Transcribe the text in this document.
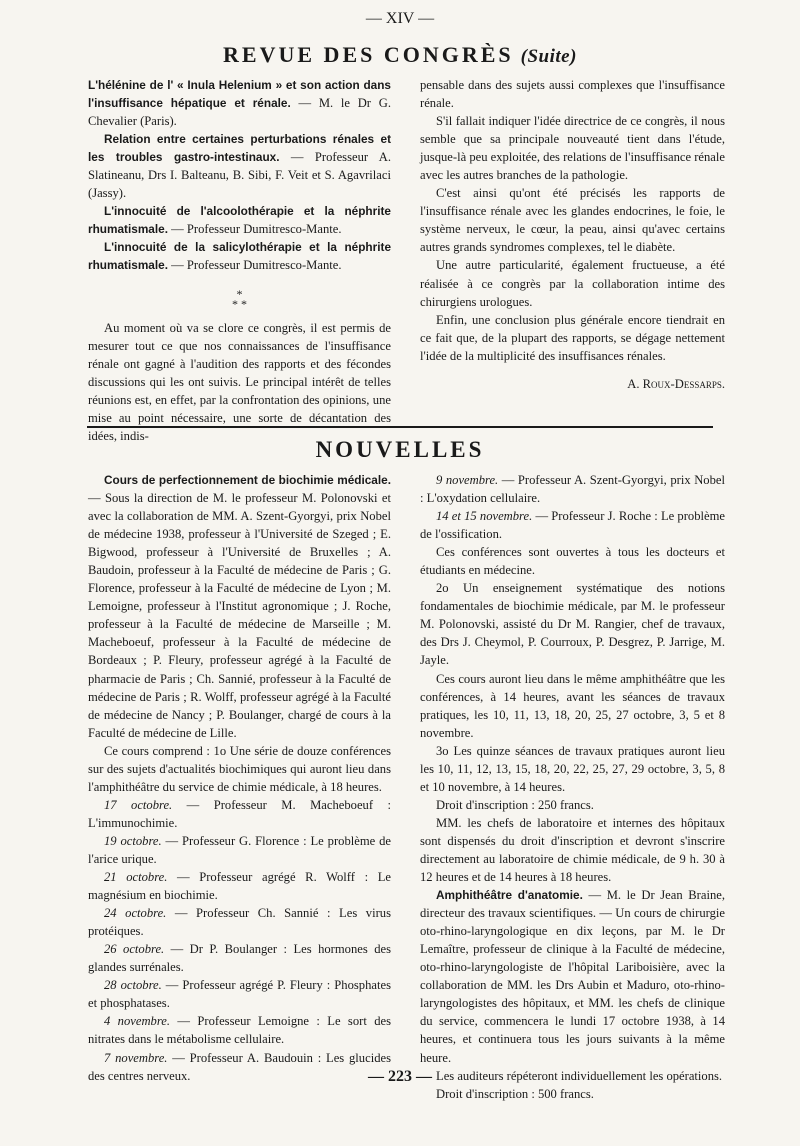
— XIV —
REVUE DES CONGRÈS (Suite)

L'hélénine de l' « Inula Helenium » et son action dans l'insuffisance hépatique et rénale. — M. le Dr G. Chevalier (Paris).

Relation entre certaines perturbations rénales et les troubles gastro-intestinaux. — Professeur A. Slatineanu, Drs I. Balteanu, B. Sibi, F. Veit et S. Agavrilaci (Jassy).

L'innocuité de l'alcoolothérapie et la néphrite rhumatismale. — Professeur Dumitresco-Mante.

L'innocuité de la salicylothérapie et la néphrite rhumatismale. — Professeur Dumitresco-Mante.

*
* *

Au moment où va se clore ce congrès, il est permis de mesurer tout ce que nos connaissances de l'insuffisance rénale ont gagné à l'audition des rapports et des fécondes discussions qui les ont suivis. Le principal intérêt de telles réunions est, en effet, par la confrontation des opinions, une mise au point nécessaire, une sorte de décantation des idées, indis-

pensable dans des sujets aussi complexes que l'insuffisance rénale.

S'il fallait indiquer l'idée directrice de ce congrès, il nous semble que sa principale nouveauté tient dans l'étude, jusque-là peu exploitée, des relations de l'insuffisance rénale avec les autres branches de la pathologie.

C'est ainsi qu'ont été précisés les rapports de l'insuffisance rénale avec les glandes endocrines, le foie, le système nerveux, le cœur, la peau, ainsi qu'avec certains autres grands syndromes complexes, tel le diabète.

Une autre particularité, également fructueuse, a été réalisée à ce congrès par la collaboration intime des chirurgiens urologues.

Enfin, une conclusion plus générale encore tiendrait en ce fait que, de la plupart des rapports, se dégage nettement l'idée de la multiplicité des insuffisances rénales.

A. Roux-Dessarps.
NOUVELLES

Cours de perfectionnement de biochimie médicale. — Sous la direction de M. le professeur M. Polonovski et avec la collaboration de MM. A. Szent-Gyorgyi, prix Nobel de médecine 1938, professeur à l'Université de Szeged ; E. Bigwood, professeur à l'Université de Bruxelles ; A. Baudoin, professeur à la Faculté de médecine de Paris ; G. Florence, professeur à la Faculté de médecine de Lyon ; M. Lemoigne, professeur à l'Institut agronomique ; J. Roche, professeur à la Faculté de médecine de Marseille ; M. Macheboeuf, professeur à la Faculté de médecine de Bordeaux ; P. Fleury, professeur agrégé à la Faculté de pharmacie de Paris ; Ch. Sannié, professeur à la Faculté de médecine de Paris ; R. Wolff, professeur agrégé à la Faculté de médecine de Nancy ; P. Boulanger, chargé de cours à la Faculté de médecine de Lille.

Ce cours comprend : 1o Une série de douze conférences sur des sujets d'actualités biochimiques qui auront lieu dans l'amphithéâtre du service de chimie médicale, à 18 heures.

17 octobre. — Professeur M. Macheboeuf : L'immunochimie.

19 octobre. — Professeur G. Florence : Le problème de l'arice urique.

21 octobre. — Professeur agrégé R. Wolff : Le magnésium en biochimie.

24 octobre. — Professeur Ch. Sannié : Les virus protéiques.

26 octobre. — Dr P. Boulanger : Les hormones des glandes surrénales.

28 octobre. — Professeur agrégé P. Fleury : Phosphates et phosphatases.

4 novembre. — Professeur Lemoigne : Le sort des nitrates dans le métabolisme cellulaire.

7 novembre. — Professeur A. Baudouin : Les glucides des centres nerveux.

9 novembre. — Professeur A. Szent-Gyorgyi, prix Nobel : L'oxydation cellulaire.

14 et 15 novembre. — Professeur J. Roche : Le problème de l'ossification.

Ces conférences sont ouvertes à tous les docteurs et étudiants en médecine.

2o Un enseignement systématique des notions fondamentales de biochimie médicale, par M. le professeur M. Polonovski, assisté du Dr M. Rangier, chef de travaux, des Drs J. Cheymol, P. Courroux, P. Desgrez, P. Jarrige, M. Jayle.

Ces cours auront lieu dans le même amphithéâtre que les conférences, à 14 heures, avant les séances de travaux pratiques, les 10, 11, 13, 18, 20, 25, 27 octobre, 3, 5 et 8 novembre.

3o Les quinze séances de travaux pratiques auront lieu les 10, 11, 12, 13, 15, 18, 20, 22, 25, 27, 29 octobre, 3, 5, 8 et 10 novembre, à 14 heures.

Droit d'inscription : 250 francs.

MM. les chefs de laboratoire et internes des hôpitaux sont dispensés du droit d'inscription et devront s'inscrire directement au laboratoire de chimie médicale, de 9 h. 30 à 12 heures et de 14 heures à 18 heures.

Amphithéâtre d'anatomie. — M. le Dr Jean Braine, directeur des travaux scientifiques. — Un cours de chirurgie oto-rhino-laryngologique en dix leçons, par M. le Dr Lemaître, professeur de clinique à la Faculté de médecine, oto-rhino-laryngologiste de l'hôpital Lariboisière, avec la collaboration de MM. les Drs Aubin et Maduro, oto-rhino-laryngologistes des hôpitaux, et MM. les chefs de clinique du service, commencera le lundi 17 octobre 1938, à 14 heures, et continuera tous les jours suivants à la même heure.

Les auditeurs répéteront individuellement les opérations.

Droit d'inscription : 500 francs.

— 223 —
